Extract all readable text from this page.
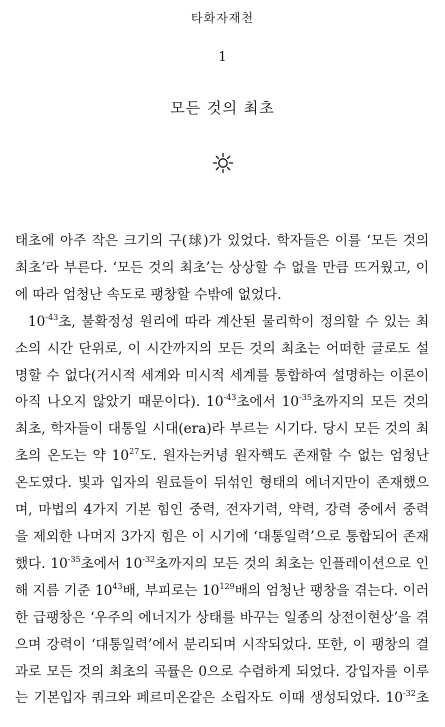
타화자재천
1
모든 것의 최초

태초에 아주 작은 크기의 구(球)가 있었다. 학자들은 이를 ‘모든 것의

최초’라 부른다. ‘모든 것의 최초’는 상상할 수 없을 만큼 뜨거웠고, 이

에 따라 엄청난 속도로 팽창할 수밖에 없었다.

$10^{-43}$초, 불확정성 원리에 따라 계산된 물리학이 정의할 수 있는 최

소의 시간 단위로, 이 시간까지의 모든 것의 최초는 어떠한 글로도 설

명할 수 없다(거시적 세계와 미시적 세계를 통합하여 설명하는 이론이

아직 나오지 않았기 때문이다). $10^{-43}$초에서 $10^{-35}$초까지의 모든 것의

최초, 학자들이 대통일 시대(era)라 부르는 시기다. 당시 모든 것의 최

초의 온도는 약 $10^{27}$도. 원자는커녕 원자핵도 존재할 수 없는 엄청난

온도였다. 빛과 입자의 원료들이 뒤섞인 형태의 에너지만이 존재했으

며, 마법의 4가지 기본 힘인 중력, 전자기력, 약력, 강력 중에서 중력

을 제외한 나머지 3가지 힘은 이 시기에 ‘대통일력’으로 통합되어 존재

했다. $10^{-35}$초에서 $10^{-32}$초까지의 모든 것의 최초는 인플레이션으로 인

해 지름 기준 $10^{43}$배, 부피로는 $10^{129}$배의 엄청난 팽창을 겪는다. 이러

한 급팽창은 ‘우주의 에너지가 상태를 바꾸는 일종의 상전이현상’을 겪

으며 강력이 ‘대통일력’에서 분리되며 시작되었다. 또한, 이 팽창의 결

과로 모든 것의 최초의 곡률은 0으로 수렴하게 되었다. 강입자를 이루

는 기본입자 쿼크와 페르미온같은 소립자도 이때 생성되었다. $10^{-32}$초
